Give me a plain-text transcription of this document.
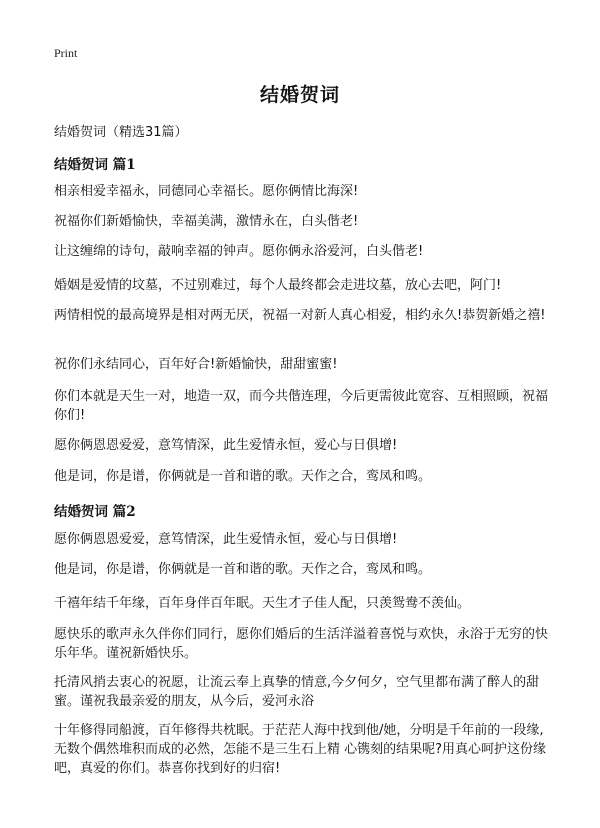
Print
结婚贺词
结婚贺词（精选31篇）
结婚贺词 篇1
相亲相爱幸福永，同德同心幸福长。愿你俩情比海深!
祝福你们新婚愉快，幸福美满，激情永在，白头偕老!
让这缠绵的诗句，敲响幸福的钟声。愿你俩永浴爱河，白头偕老!
婚姻是爱情的坟墓，不过别难过，每个人最终都会走进坟墓，放心去吧，阿门!
两情相悦的最高境界是相对两无厌，祝福一对新人真心相爱，相约永久!恭贺新婚之禧!
祝你们永结同心，百年好合!新婚愉快，甜甜蜜蜜!
你们本就是天生一对，地造一双，而今共偕连理，今后更需彼此宽容、互相照顾，祝福你们!
愿你俩恩恩爱爱，意笃情深，此生爱情永恒，爱心与日俱增!
他是词，你是谱，你俩就是一首和谐的歌。天作之合，鸾凤和鸣。
结婚贺词 篇2
愿你俩恩恩爱爱，意笃情深，此生爱情永恒，爱心与日俱增!
他是词，你是谱，你俩就是一首和谐的歌。天作之合，鸾凤和鸣。
千禧年结千年缘，百年身伴百年眠。天生才子佳人配，只羡鸳鸯不羡仙。
愿快乐的歌声永久伴你们同行，愿你们婚后的生活洋溢着喜悦与欢快，永浴于无穷的快乐年华。谨祝新婚快乐。
托清风捎去衷心的祝愿，让流云奉上真挚的情意,今夕何夕，空气里都布满了醉人的甜蜜。谨祝我最亲爱的朋友，从今后，爱河永浴
十年修得同船渡，百年修得共枕眠。于茫茫人海中找到他/她，分明是千年前的一段缘,无数个偶然堆积而成的必然，怎能不是三生石上精 心镌刻的结果呢?用真心呵护这份缘吧，真爱的你们。恭喜你找到好的归宿!
